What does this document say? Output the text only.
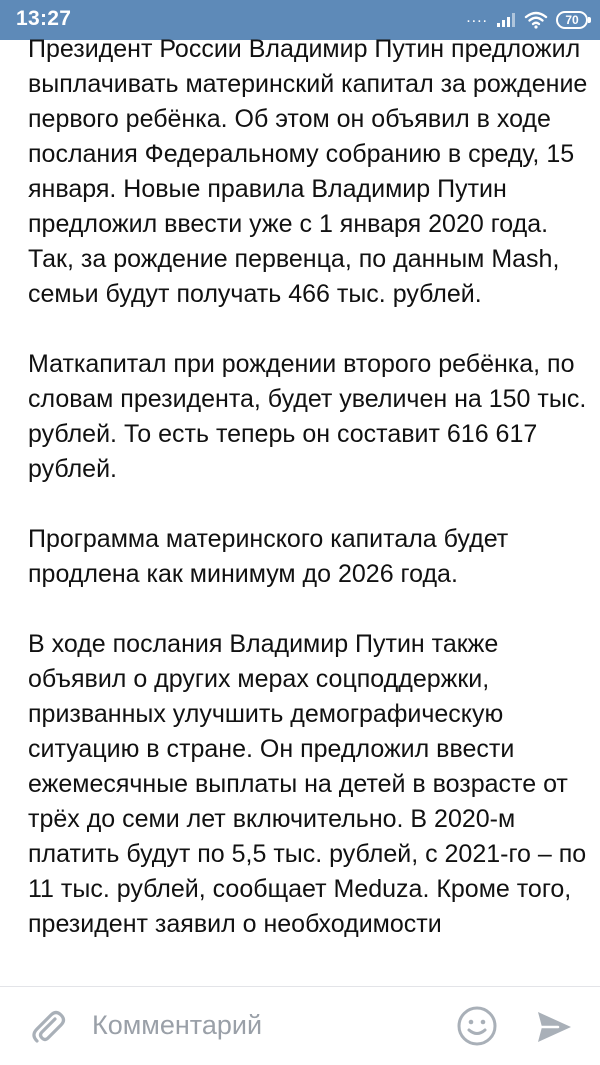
13:27	....	70

Президент России Владимир Путин предложил выплачивать материнский капитал за рождение первого ребёнка. Об этом он объявил в ходе послания Федеральному собранию в среду, 15 января. Новые правила Владимир Путин предложил ввести уже с 1 января 2020 года. Так, за рождение первенца, по данным Mash, семьи будут получать 466 тыс. рублей.

Маткапитал при рождении второго ребёнка, по словам президента, будет увеличен на 150 тыс. рублей. То есть теперь он составит 616 617 рублей.

Программа материнского капитала будет продлена как минимум до 2026 года.

В ходе послания Владимир Путин также объявил о других мерах соцподдержки, призванных улучшить демографическую ситуацию в стране. Он предложил ввести ежемесячные выплаты на детей в возрасте от трёх до семи лет включительно. В 2020-м платить будут по 5,5 тыс. рублей, с 2021-го – по 11 тыс. рублей, сообщает Meduza. Кроме того, президент заявил о необходимости

Комментарий
